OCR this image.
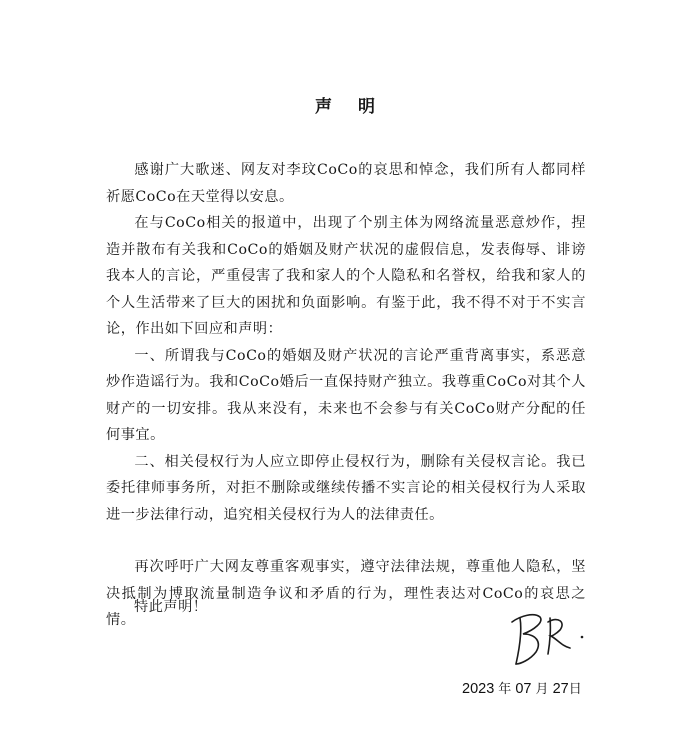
声 明

感谢广大歌迷、网友对李玟CoCo的哀思和悼念，我们所有人都同样祈愿CoCo在天堂得以安息。

在与CoCo相关的报道中，出现了个别主体为网络流量恶意炒作，捏造并散布有关我和CoCo的婚姻及财产状况的虚假信息，发表侮辱、诽谤我本人的言论，严重侵害了我和家人的个人隐私和名誉权，给我和家人的个人生活带来了巨大的困扰和负面影响。有鉴于此，我不得不对于不实言论，作出如下回应和声明：

一、所谓我与CoCo的婚姻及财产状况的言论严重背离事实，系恶意炒作造谣行为。我和CoCo婚后一直保持财产独立。我尊重CoCo对其个人财产的一切安排。我从来没有，未来也不会参与有关CoCo财产分配的任何事宜。

二、相关侵权行为人应立即停止侵权行为，删除有关侵权言论。我已委托律师事务所，对拒不删除或继续传播不实言论的相关侵权行为人采取进一步法律行动，追究相关侵权行为人的法律责任。

再次呼吁广大网友尊重客观事实，遵守法律法规，尊重他人隐私，坚决抵制为博取流量制造争议和矛盾的行为，理性表达对CoCo的哀思之情。

特此声明！
2023 年 07 月 27日
